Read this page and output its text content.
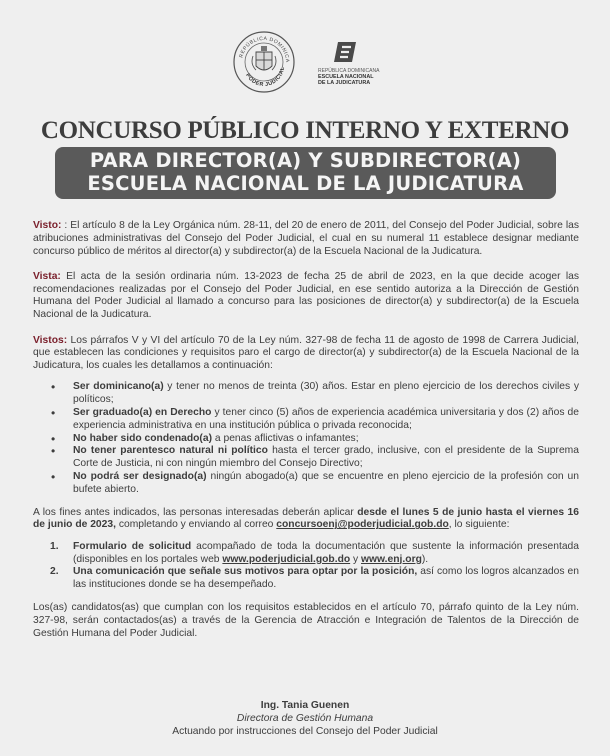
REPÚBLICA DOMINICA
PODER JUDICIAL	REPÚBLICA DOMINICANA
ESCUELA NACIONAL
DE LA JUDICATURA
CONCURSO PÚBLICO INTERNO Y EXTERNO
PARA DIRECTOR(A) Y SUBDIRECTOR(A)
ESCUELA NACIONAL DE LA JUDICATURA

Visto: : El artículo 8 de la Ley Orgánica núm. 28-11, del 20 de enero de 2011, del Consejo del Poder Judicial, sobre las atribuciones administrativas del Consejo del Poder Judicial, el cual en su numeral 11 establece designar mediante concurso público de méritos al director(a) y subdirector(a) de la Escuela Nacional de la Judicatura.

Vista: El acta de la sesión ordinaria núm. 13-2023 de fecha 25 de abril de 2023, en la que decide acoger las recomendaciones realizadas por el Consejo del Poder Judicial, en ese sentido autoriza a la Dirección de Gestión Humana del Poder Judicial al llamado a concurso para las posiciones de director(a) y subdirector(a) de la Escuela Nacional de la Judicatura.

Vistos: Los párrafos V y VI del artículo 70 de la Ley núm. 327-98 de fecha 11 de agosto de 1998 de Carrera Judicial, que establecen las condiciones y requisitos paro el cargo de director(a) y subdirector(a) de la Escuela Nacional de la Judicatura, los cuales les detallamos a continuación:

• Ser dominicano(a) y tener no menos de treinta (30) años. Estar en pleno ejercicio de los derechos civiles y políticos;
• Ser graduado(a) en Derecho y tener cinco (5) años de experiencia académica universitaria y dos (2) años de experiencia administrativa en una institución pública o privada reconocida;
• No haber sido condenado(a) a penas aflictivas o infamantes;
• No tener parentesco natural ni político hasta el tercer grado, inclusive, con el presidente de la Suprema Corte de Justicia, ni con ningún miembro del Consejo Directivo;
• No podrá ser designado(a) ningún abogado(a) que se encuentre en pleno ejercicio de la profesión con un bufete abierto.

A los fines antes indicados, las personas interesadas deberán aplicar desde el lunes 5 de junio hasta el viernes 16 de junio de 2023, completando y enviando al correo concursoenj@poderjudicial.gob.do, lo siguiente:

1. Formulario de solicitud acompañado de toda la documentación que sustente la información presentada (disponibles en los portales web www.poderjudicial.gob.do y www.enj.org).
2. Una comunicación que señale sus motivos para optar por la posición, así como los logros alcanzados en las instituciones donde se ha desempeñado.

Los(as) candidatos(as) que cumplan con los requisitos establecidos en el artículo 70, párrafo quinto de la Ley núm. 327-98, serán contactados(as) a través de la Gerencia de Atracción e Integración de Talentos de la Dirección de Gestión Humana del Poder Judicial.

Ing. Tania Guenen
Directora de Gestión Humana
Actuando por instrucciones del Consejo del Poder Judicial
